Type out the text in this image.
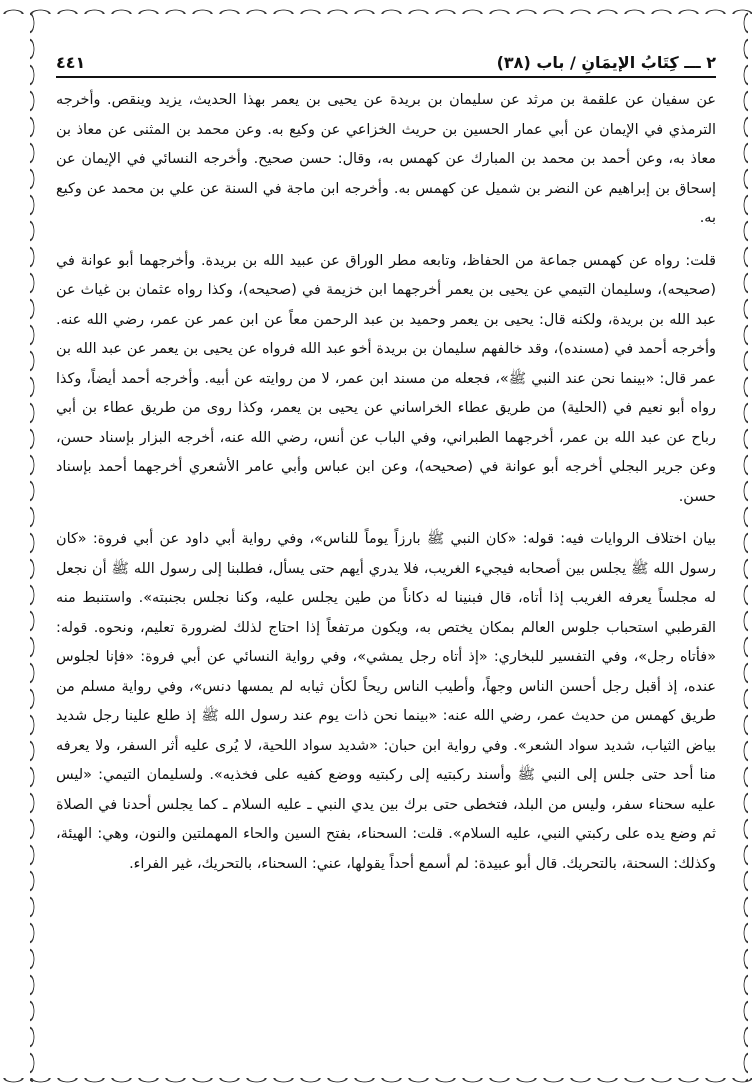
٢ ـــ كِتَابُ الإيمَانِ / باب (٣٨)
٤٤١

عن سفيان عن علقمة بن مرثد عن سليمان بن بريدة عن يحيى بن يعمر بهذا الحديث، يزيد وينقص. وأخرجه الترمذي في الإيمان عن أبي عمار الحسين بن حريث الخزاعي عن وكيع به. وعن محمد بن المثنى عن معاذ بن معاذ به، وعن أحمد بن محمد بن المبارك عن كهمس به، وقال: حسن صحيح. وأخرجه النسائي في الإيمان عن إسحاق بن إبراهيم عن النضر بن شميل عن كهمس به. وأخرجه ابن ماجة في السنة عن علي بن محمد عن وكيع به.

قلت: رواه عن كهمس جماعة من الحفاظ، وتابعه مطر الوراق عن عبيد الله بن بريدة. وأخرجهما أبو عوانة في (صحيحه)، وسليمان التيمي عن يحيى بن يعمر أخرجهما ابن خزيمة في (صحيحه)، وكذا رواه عثمان بن غياث عن عبد الله بن بريدة، ولكنه قال: يحيى بن يعمر وحميد بن عبد الرحمن معاً عن ابن عمر عن عمر، رضي الله عنه. وأخرجه أحمد في (مسنده)، وقد خالفهم سليمان بن بريدة أخو عبد الله فرواه عن يحيى بن يعمر عن عبد الله بن عمر قال: «بينما نحن عند النبي ﷺ»، فجعله من مسند ابن عمر، لا من روايته عن أبيه. وأخرجه أحمد أيضاً، وكذا رواه أبو نعيم في (الحلية) من طريق عطاء الخراساني عن يحيى بن يعمر، وكذا روى من طريق عطاء بن أبي رباح عن عبد الله بن عمر، أخرجهما الطبراني، وفي الباب عن أنس، رضي الله عنه، أخرجه البزار بإسناد حسن، وعن جرير البجلي أخرجه أبو عوانة في (صحيحه)، وعن ابن عباس وأبي عامر الأشعري أخرجهما أحمد بإسناد حسن.

بيان اختلاف الروايات فيه: قوله: «كان النبي ﷺ بارزاً يوماً للناس»، وفي رواية أبي داود عن أبي فروة: «كان رسول الله ﷺ يجلس بين أصحابه فيجيء الغريب، فلا يدري أيهم حتى يسأل، فطلبنا إلى رسول الله ﷺ أن نجعل له مجلساً يعرفه الغريب إذا أتاه، قال فبنينا له دكاناً من طين يجلس عليه، وكنا نجلس بجنبته». واستنبط منه القرطبي استحباب جلوس العالم بمكان يختص به، ويكون مرتفعاً إذا احتاج لذلك لضرورة تعليم، ونحوه. قوله: «فأتاه رجل»، وفي التفسير للبخاري: «إذ أتاه رجل يمشي»، وفي رواية النسائي عن أبي فروة: «فإنا لجلوس عنده، إذ أقبل رجل أحسن الناس وجهاً، وأطيب الناس ريحاً لكأن ثيابه لم يمسها دنس»، وفي رواية مسلم من طريق كهمس من حديث عمر، رضي الله عنه: «بينما نحن ذات يوم عند رسول الله ﷺ إذ طلع علينا رجل شديد بياض الثياب، شديد سواد الشعر». وفي رواية ابن حبان: «شديد سواد اللحية، لا يُرى عليه أثر السفر، ولا يعرفه منا أحد حتى جلس إلى النبي ﷺ وأسند ركبتيه إلى ركبتيه ووضع كفيه على فخذيه». ولسليمان التيمي: «ليس عليه سحناء سفر، وليس من البلد، فتخطى حتى برك بين يدي النبي ـ عليه السلام ـ كما يجلس أحدنا في الصلاة ثم وضع يده على ركبتي النبي، عليه السلام». قلت: السحناء، بفتح السين والحاء المهملتين والنون، وهي: الهيئة، وكذلك: السحنة، بالتحريك. قال أبو عبيدة: لم أسمع أحداً يقولها، عني: السحناء، بالتحريك، غير الفراء.
